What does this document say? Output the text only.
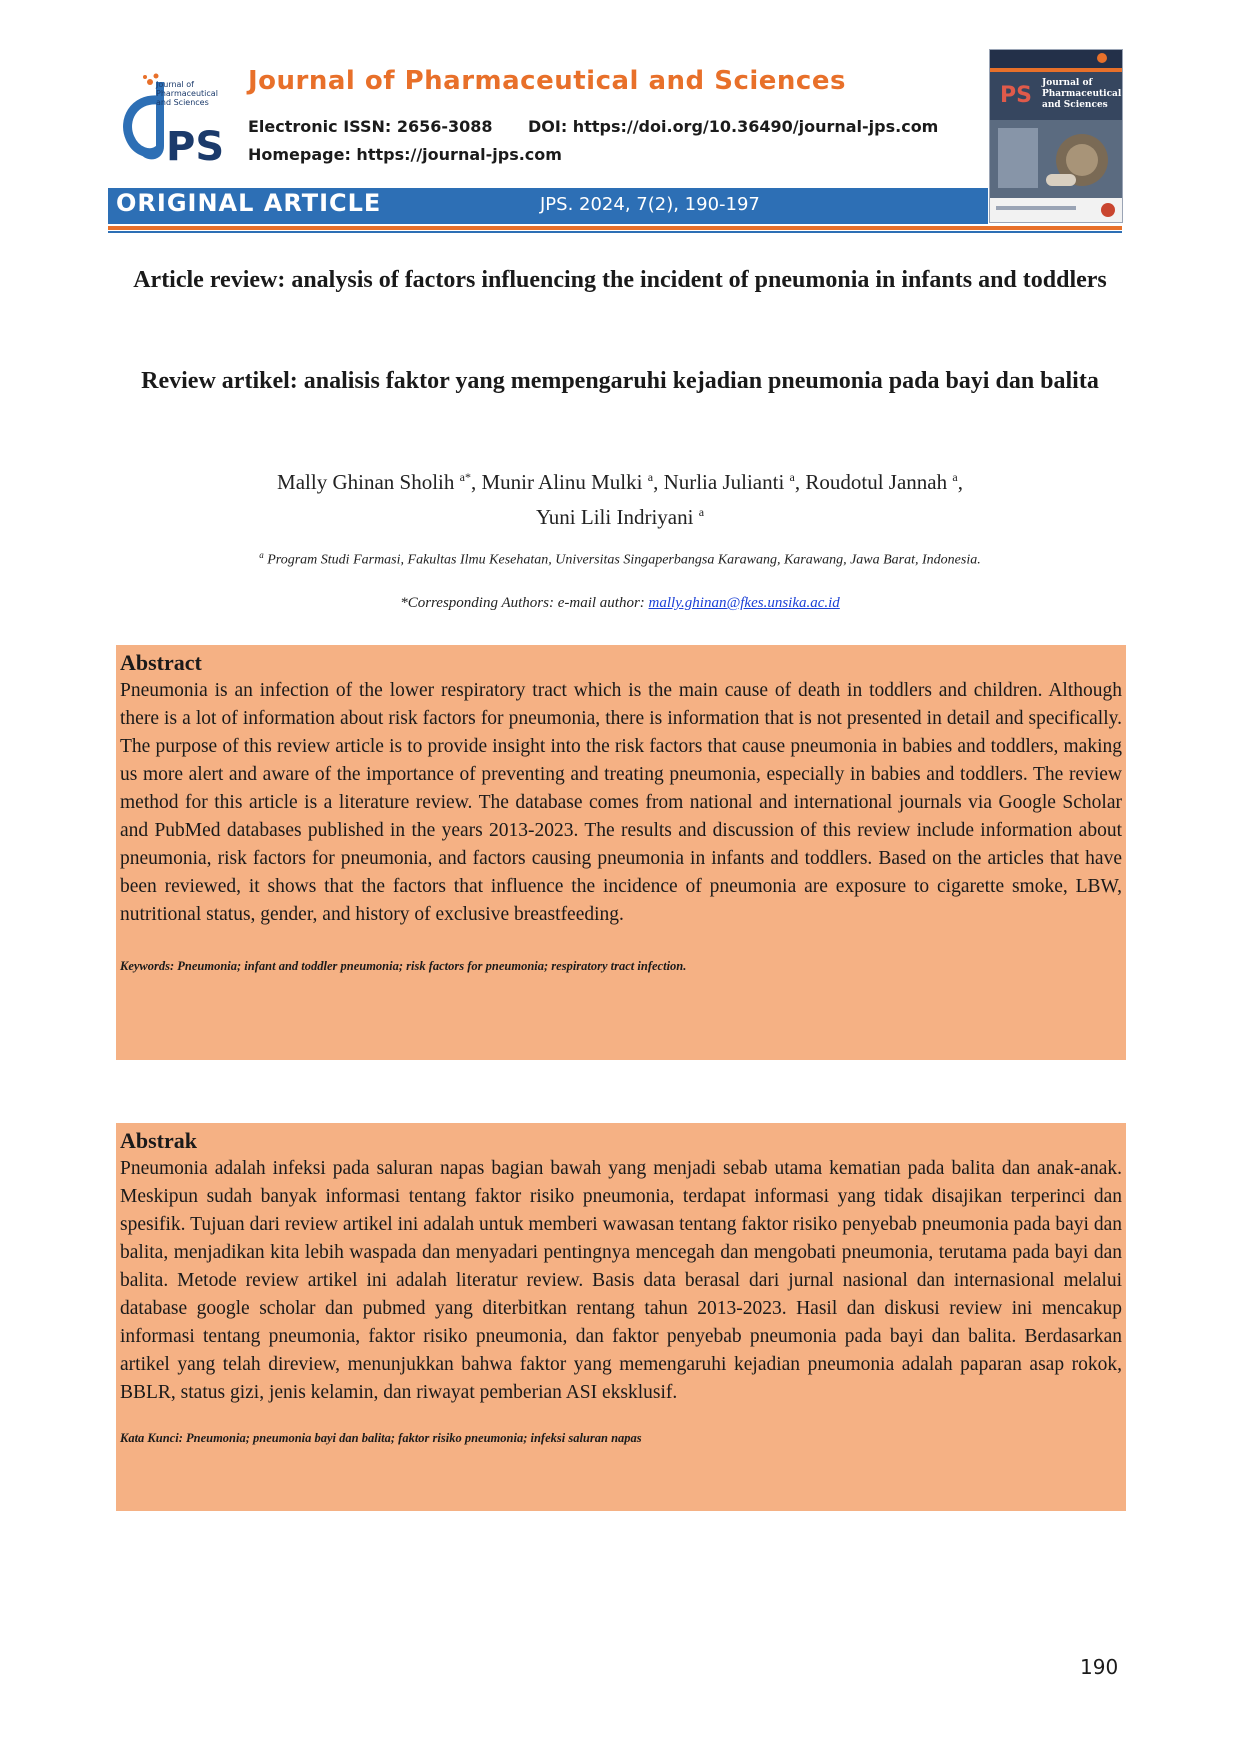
PS
Journal of Pharmaceutical and Sciences
Journal of Pharmaceutical and Sciences
Electronic ISSN: 2656-3088 DOI: https://doi.org/10.36490/journal-jps.com
Homepage: https://journal-jps.com
PS Journal of Pharmaceutical and Sciences
ORIGINAL ARTICLE	JPS. 2024, 7(2), 190-197
Article review: analysis of factors influencing the incident of pneumonia in infants and toddlers
Review artikel: analisis faktor yang mempengaruhi kejadian pneumonia pada bayi dan balita
Mally Ghinan Sholih $^{a*}$, Munir Alinu Mulki $^a$, Nurlia Julianti $^a$, Roudotul Jannah $^a$,
Yuni Lili Indriyani $^a$
$^a$ Program Studi Farmasi, Fakultas Ilmu Kesehatan, Universitas Singaperbangsa Karawang, Karawang, Jawa Barat, Indonesia.
*Corresponding Authors: e-mail author: mally.ghinan@fkes.unsika.ac.id

Abstract

Pneumonia is an infection of the lower respiratory tract which is the main cause of death in toddlers and children. Although there is a lot of information about risk factors for pneumonia, there is information that is not presented in detail and specifically. The purpose of this review article is to provide insight into the risk factors that cause pneumonia in babies and toddlers, making us more alert and aware of the importance of preventing and treating pneumonia, especially in babies and toddlers. The review method for this article is a literature review. The database comes from national and international journals via Google Scholar and PubMed databases published in the years 2013-2023. The results and discussion of this review include information about pneumonia, risk factors for pneumonia, and factors causing pneumonia in infants and toddlers. Based on the articles that have been reviewed, it shows that the factors that influence the incidence of pneumonia are exposure to cigarette smoke, LBW, nutritional status, gender, and history of exclusive breastfeeding.

Keywords: Pneumonia; infant and toddler pneumonia; risk factors for pneumonia; respiratory tract infection.

Abstrak

Pneumonia adalah infeksi pada saluran napas bagian bawah yang menjadi sebab utama kematian pada balita dan anak-anak. Meskipun sudah banyak informasi tentang faktor risiko pneumonia, terdapat informasi yang tidak disajikan terperinci dan spesifik. Tujuan dari review artikel ini adalah untuk memberi wawasan tentang faktor risiko penyebab pneumonia pada bayi dan balita, menjadikan kita lebih waspada dan menyadari pentingnya mencegah dan mengobati pneumonia, terutama pada bayi dan balita. Metode review artikel ini adalah literatur review. Basis data berasal dari jurnal nasional dan internasional melalui database google scholar dan pubmed yang diterbitkan rentang tahun 2013-2023. Hasil dan diskusi review ini mencakup informasi tentang pneumonia, faktor risiko pneumonia, dan faktor penyebab pneumonia pada bayi dan balita. Berdasarkan artikel yang telah direview, menunjukkan bahwa faktor yang memengaruhi kejadian pneumonia adalah paparan asap rokok, BBLR, status gizi, jenis kelamin, dan riwayat pemberian ASI eksklusif.

Kata Kunci: Pneumonia; pneumonia bayi dan balita; faktor risiko pneumonia; infeksi saluran napas

190
